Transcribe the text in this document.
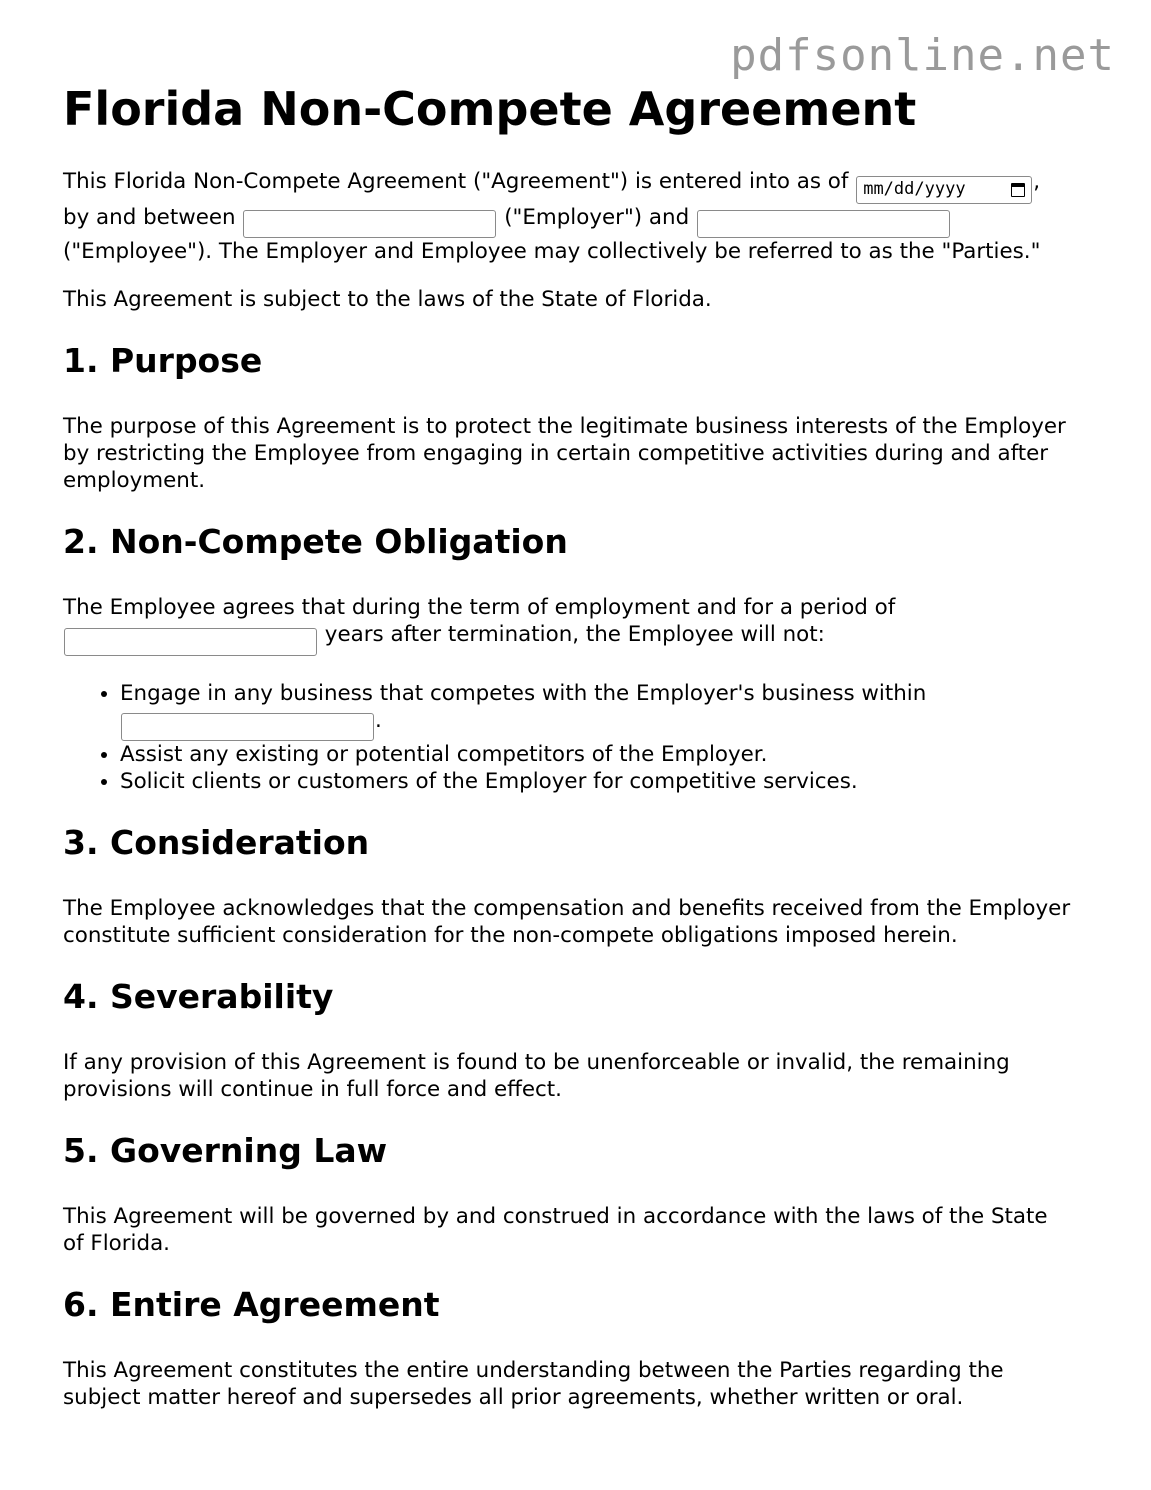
pdfsonline.net
Florida Non-Compete Agreement

This Florida Non-Compete Agreement ("Agreement") is entered into as of mm/dd/yyyy	, by and between	("Employer") and  ("Employee"). The Employer and Employee may collectively be referred to as the "Parties."

This Agreement is subject to the laws of the State of Florida.

1. Purpose

The purpose of this Agreement is to protect the legitimate business interests of the Employer by restricting the Employee from engaging in certain competitive activities during and after employment.

2. Non-Compete Obligation

The Employee agrees that during the term of employment and for a period of  years after termination, the Employee will not:

• Engage in any business that competes with the Employer's business within .
• Assist any existing or potential competitors of the Employer.
• Solicit clients or customers of the Employer for competitive services.
3. Consideration

The Employee acknowledges that the compensation and benefits received from the Employer constitute sufficient consideration for the non-compete obligations imposed herein.

4. Severability

If any provision of this Agreement is found to be unenforceable or invalid, the remaining provisions will continue in full force and effect.

5. Governing Law

This Agreement will be governed by and construed in accordance with the laws of the State of Florida.

6. Entire Agreement

This Agreement constitutes the entire understanding between the Parties regarding the subject matter hereof and supersedes all prior agreements, whether written or oral.
